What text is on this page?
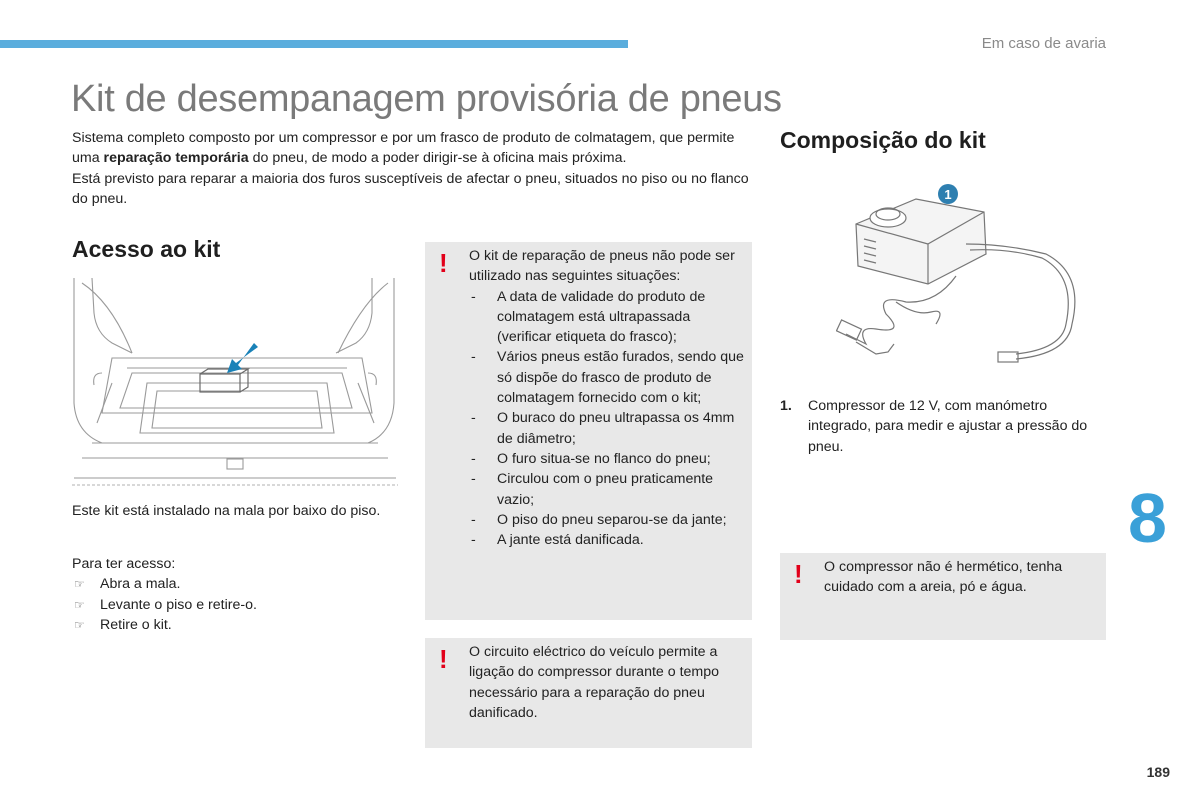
Em caso de avaria
Kit de desempanagem provisória de pneus
Sistema completo composto por um compressor e por um frasco de produto de colmatagem, que permite uma reparação temporária do pneu, de modo a poder dirigir-se à oficina mais próxima.
Está previsto para reparar a maioria dos furos susceptíveis de afectar o pneu, situados no piso ou no flanco do pneu.
Acesso ao kit
Composição do kit
Este kit está instalado na mala por baixo do piso.
Para ter acesso:
☞ Abra a mala.
☞ Levante o piso e retire-o.
☞ Retire o kit.
! O kit de reparação de pneus não pode ser utilizado nas seguintes situações:
- A data de validade do produto de colmatagem está ultrapassada (verificar etiqueta do frasco);
- Vários pneus estão furados, sendo que só dispõe do frasco de produto de colmatagem fornecido com o kit;
- O buraco do pneu ultrapassa os 4mm de diâmetro;
- O furo situa-se no flanco do pneu;
- Circulou com o pneu praticamente vazio;
- O piso do pneu separou-se da jante;
- A jante está danificada.
! O circuito eléctrico do veículo permite a ligação do compressor durante o tempo necessário para a reparação do pneu danificado.
1
1. Compressor de 12 V, com manómetro integrado, para medir e ajustar a pressão do pneu.
! O compressor não é hermético, tenha cuidado com a areia, pó e água.
8
189
